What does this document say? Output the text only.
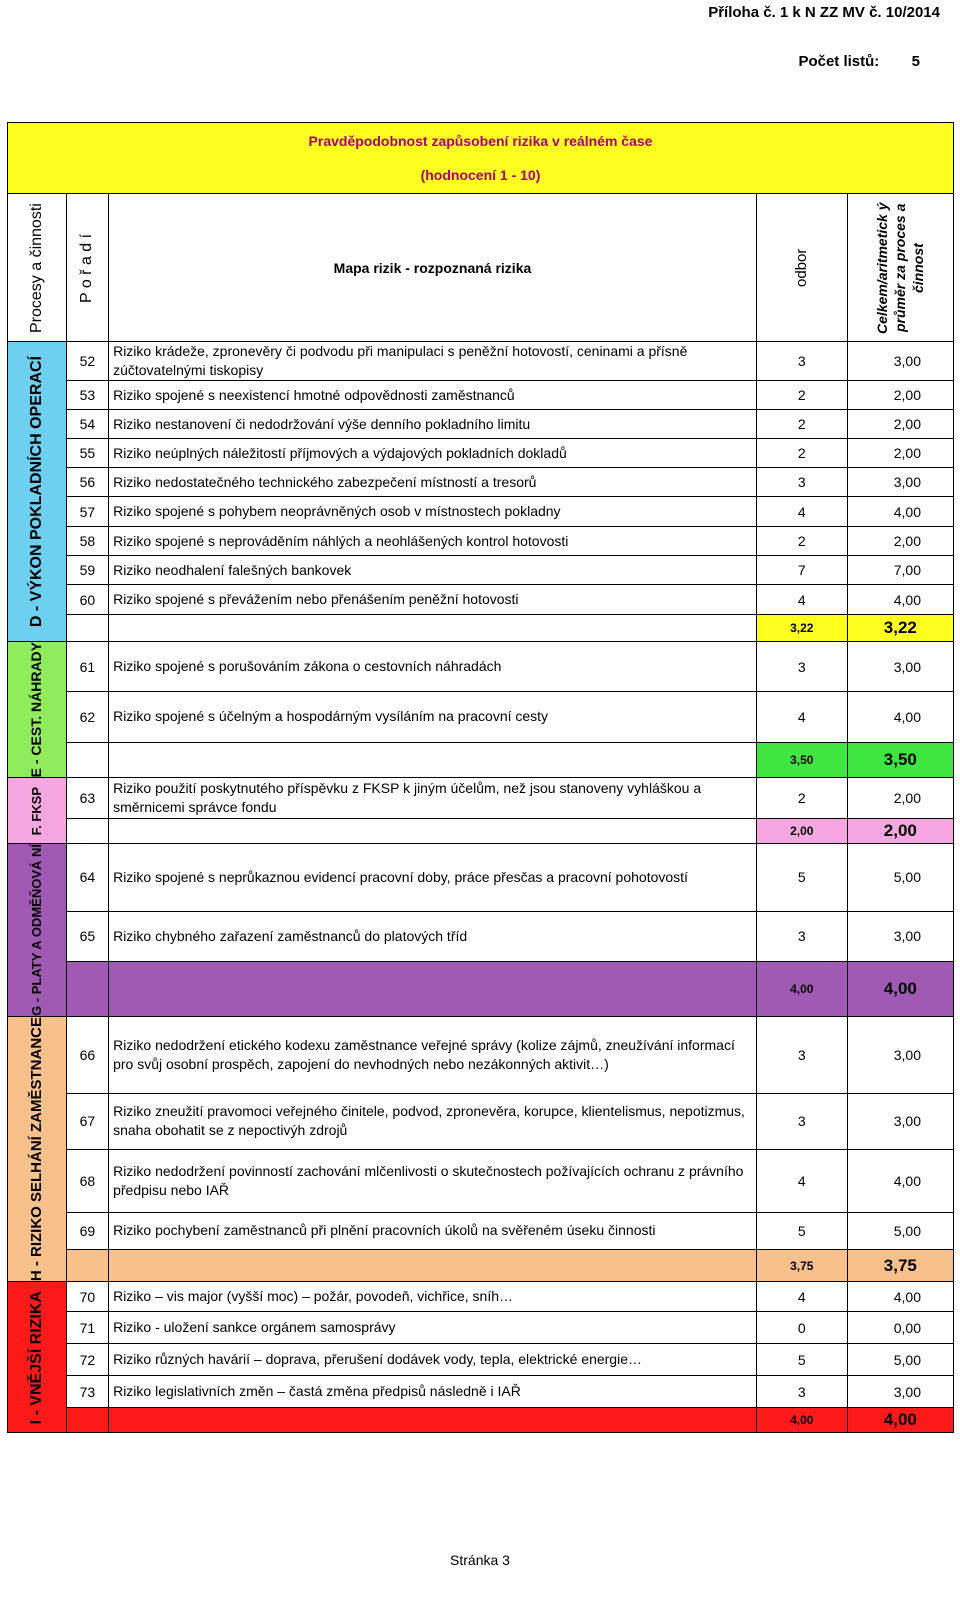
Příloha č. 1 k N ZZ MV č. 10/2014
Počet listů: 5
Pravděpodobnost zapůsobení rizika v reálném čase
(hodnocení 1 - 10)				

Procesy a činnosti	P o ř a d í	Mapa rizik - rozpoznaná rizika	odbor	Celkem/aritmetick ý průměr za proces a činnost

D - VÝKON POKLADNÍCH OPERACÍ	52	Riziko krádeže, zpronevěry či podvodu při manipulaci s peněžní hotovostí, ceninami a přísně zúčtovatelnými tiskopisy	3	3,00
	53	Riziko spojené s neexistencí hmotné odpovědnosti zaměstnanců	2	2,00
	54	Riziko nestanovení či nedodržování výše denního pokladního limitu	2	2,00
	55	Riziko neúplných náležitostí příjmových a výdajových pokladních dokladů	2	2,00
	56	Riziko nedostatečného technického zabezpečení místností a tresorů	3	3,00
	57	Riziko spojené s pohybem neoprávněných osob v místnostech pokladny	4	4,00
	58	Riziko spojené s neprováděním náhlých a neohlášených kontrol hotovosti	2	2,00
	59	Riziko neodhalení falešných bankovek	7	7,00
	60	Riziko spojené s převážením nebo přenášením peněžní hotovosti	4	4,00
			3,22	3,22

E - CEST. NÁHRADY	61	Riziko spojené s porušováním zákona o cestovních náhradách	3	3,00
	62	Riziko spojené s účelným a hospodárným vysíláním na pracovní cesty	4	4,00
			3,50	3,50

F. FKSP	63	Riziko použití poskytnutého příspěvku z FKSP k jiným účelům, než jsou stanoveny vyhláškou a směrnicemi správce fondu	2	2,00
			2,00	2,00

G - PLATY A ODMĚŇOVÁ NÍ	64	Riziko spojené s neprůkaznou evidencí pracovní doby, práce přesčas a pracovní pohotovostí	5	5,00
	65	Riziko chybného zařazení zaměstnanců do platových tříd	3	3,00
			4,00	4,00

H - RIZIKO SELHÁNÍ ZAMĚSTNANCE	66	Riziko nedodržení etického kodexu zaměstnance veřejné správy (kolize zájmů, zneužívání informací pro svůj osobní prospěch, zapojení do nevhodných nebo nezákonných aktivit…)	3	3,00
	67	Riziko zneužití pravomoci veřejného činitele, podvod, zpronevěra, korupce, klientelismus, nepotizmus, snaha obohatit se z nepoctivýh zdrojů	3	3,00
	68	Riziko nedodržení povinností zachování mlčenlivosti o skutečnostech požívajících ochranu z právního předpisu nebo IAŘ	4	4,00
	69	Riziko pochybení zaměstnanců při plnění pracovních úkolů na svěřeném úseku činnosti	5	5,00
			3,75	3,75

I - VNĚJŠÍ RIZIKA	70	Riziko – vis major (vyšší moc) – požár, povodeň, vichřice, sníh…	4	4,00
	71	Riziko - uložení sankce orgánem samosprávy	0	0,00
	72	Riziko různých havárií – doprava, přerušení dodávek vody, tepla, elektrické energie…	5	5,00
	73	Riziko legislativních změn – častá změna předpisů následně i IAŘ	3	3,00
			4,00	4,00
Stránka 3
